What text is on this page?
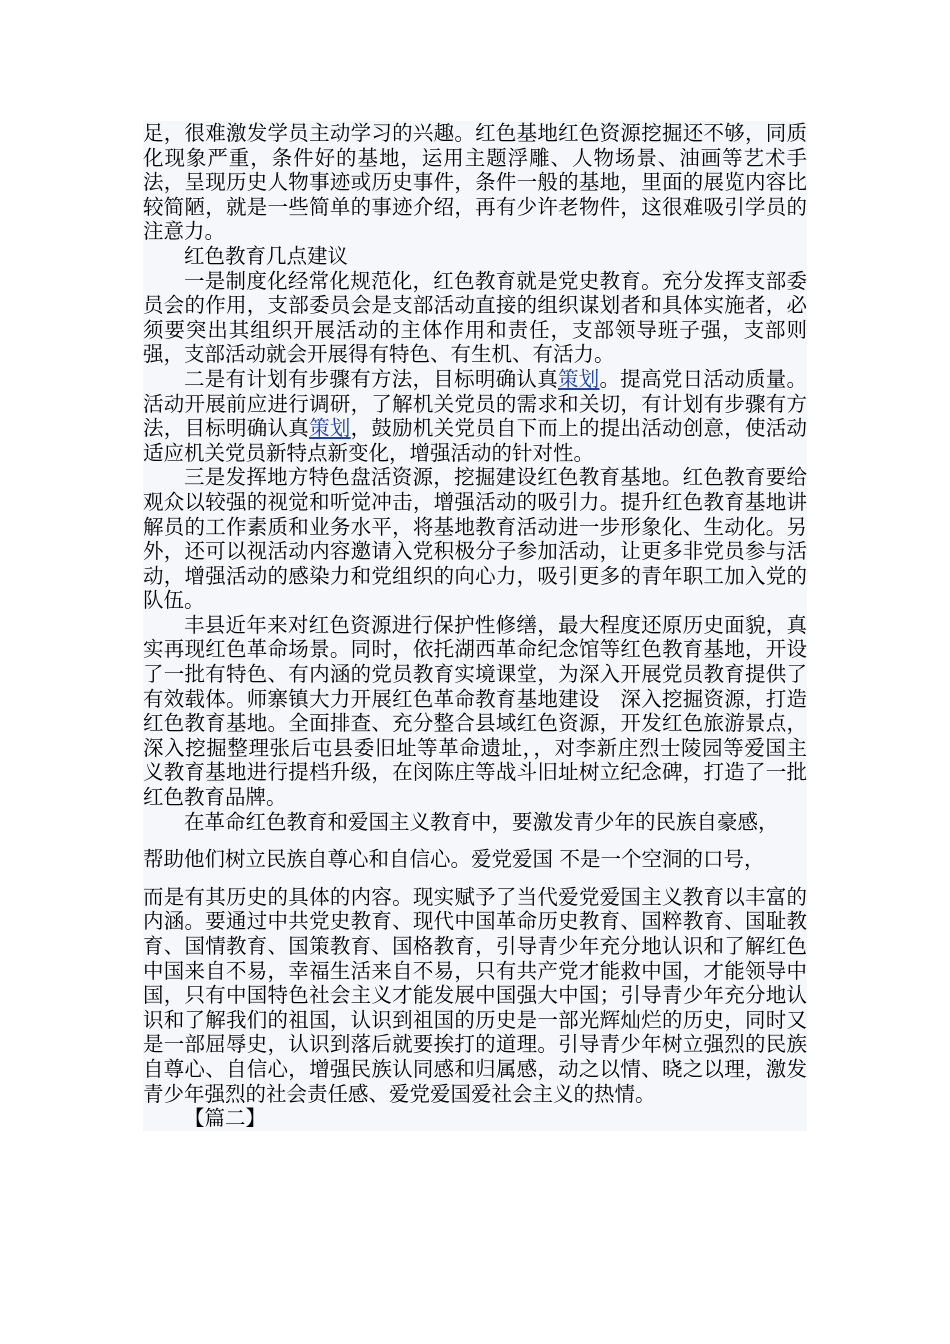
足，很难激发学员主动学习的兴趣。红色基地红色资源挖掘还不够，同质化现象严重，条件好的基地，运用主题浮雕、人物场景、油画等艺术手法，呈现历史人物事迹或历史事件，条件一般的基地，里面的展览内容比较简陋，就是一些简单的事迹介绍，再有少许老物件，这很难吸引学员的注意力。

红色教育几点建议

一是制度化经常化规范化，红色教育就是党史教育。充分发挥支部委员会的作用，支部委员会是支部活动直接的组织谋划者和具体实施者，必须要突出其组织开展活动的主体作用和责任，支部领导班子强，支部则强，支部活动就会开展得有特色、有生机、有活力。

二是有计划有步骤有方法，目标明确认真策划。提高党日活动质量。活动开展前应进行调研，了解机关党员的需求和关切，有计划有步骤有方法，目标明确认真策划，鼓励机关党员自下而上的提出活动创意，使活动适应机关党员新特点新变化，增强活动的针对性。

三是发挥地方特色盘活资源，挖掘建设红色教育基地。红色教育要给观众以较强的视觉和听觉冲击，增强活动的吸引力。提升红色教育基地讲解员的工作素质和业务水平，将基地教育活动进一步形象化、生动化。另外，还可以视活动内容邀请入党积极分子参加活动，让更多非党员参与活动，增强活动的感染力和党组织的向心力，吸引更多的青年职工加入党的队伍。

丰县近年来对红色资源进行保护性修缮，最大程度还原历史面貌，真实再现红色革命场景。同时，依托湖西革命纪念馆等红色教育基地，开设了一批有特色、有内涵的党员教育实境课堂，为深入开展党员教育提供了有效载体。师寨镇大力开展红色革命教育基地建设　深入挖掘资源，打造红色教育基地。全面排查、充分整合县域红色资源，开发红色旅游景点，深入挖掘整理张后屯县委旧址等革命遗址，，对李新庄烈士陵园等爱国主义教育基地进行提档升级，在闵陈庄等战斗旧址树立纪念碑，打造了一批红色教育品牌。

在革命红色教育和爱国主义教育中，要激发青少年的民族自豪感，

帮助他们树立民族自尊心和自信心。爱党爱国 不是一个空洞的口号，

而是有其历史的具体的内容。现实赋予了当代爱党爱国主义教育以丰富的内涵。要通过中共党史教育、现代中国革命历史教育、国粹教育、国耻教育、国情教育、国策教育、国格教育，引导青少年充分地认识和了解红色中国来自不易，幸福生活来自不易，只有共产党才能救中国，才能领导中国，只有中国特色社会主义才能发展中国强大中国；引导青少年充分地认识和了解我们的祖国，认识到祖国的历史是一部光辉灿烂的历史，同时又是一部屈辱史，认识到落后就要挨打的道理。引导青少年树立强烈的民族自尊心、自信心，增强民族认同感和归属感，动之以情、晓之以理，激发青少年强烈的社会责任感、爱党爱国爱社会主义的热情。

【篇二】
